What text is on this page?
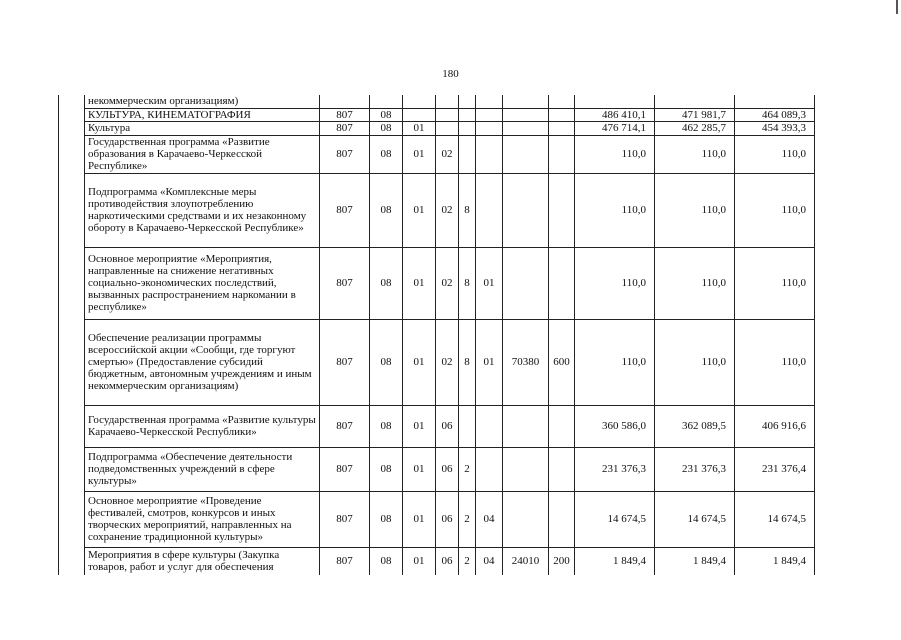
180
	некоммерческим организациям)											
	КУЛЬТУРА, КИНЕМАТОГРАФИЯ	807	08							486 410,1	471 981,7	464 089,3
	Культура	807	08	01						476 714,1	462 285,7	454 393,3
	Государственная программа «Развитие образования в Карачаево-Черкесской Республике»	807	08	01	02					110,0	110,0	110,0
	Подпрограмма «Комплексные меры противодействия злоупотреблению наркотическими средствами и их незаконному обороту в Карачаево-Черкесской Республике»	807	08	01	02	8				110,0	110,0	110,0
	Основное мероприятие «Мероприятия, направленные на снижение негативных социально-экономических последствий, вызванных распространением наркомании в республике»	807	08	01	02	8	01			110,0	110,0	110,0
	Обеспечение реализации программы всероссийской акции «Сообщи, где торгуют смертью» (Предоставление субсидий бюджетным, автономным учреждениям и иным некоммерческим организациям)	807	08	01	02	8	01	70380	600	110,0	110,0	110,0
	Государственная программа «Развитие культуры Карачаево-Черкесской Республики»	807	08	01	06					360 586,0	362 089,5	406 916,6
	Подпрограмма «Обеспечение деятельности подведомственных учреждений в сфере культуры»	807	08	01	06	2				231 376,3	231 376,3	231 376,4
	Основное мероприятие «Проведение фестивалей, смотров, конкурсов и иных творческих мероприятий, направленных на сохранение традиционной культуры»	807	08	01	06	2	04			14 674,5	14 674,5	14 674,5
	Мероприятия в сфере культуры (Закупка товаров, работ и услуг для обеспечения	807	08	01	06	2	04	24010	200	1 849,4	1 849,4	1 849,4
